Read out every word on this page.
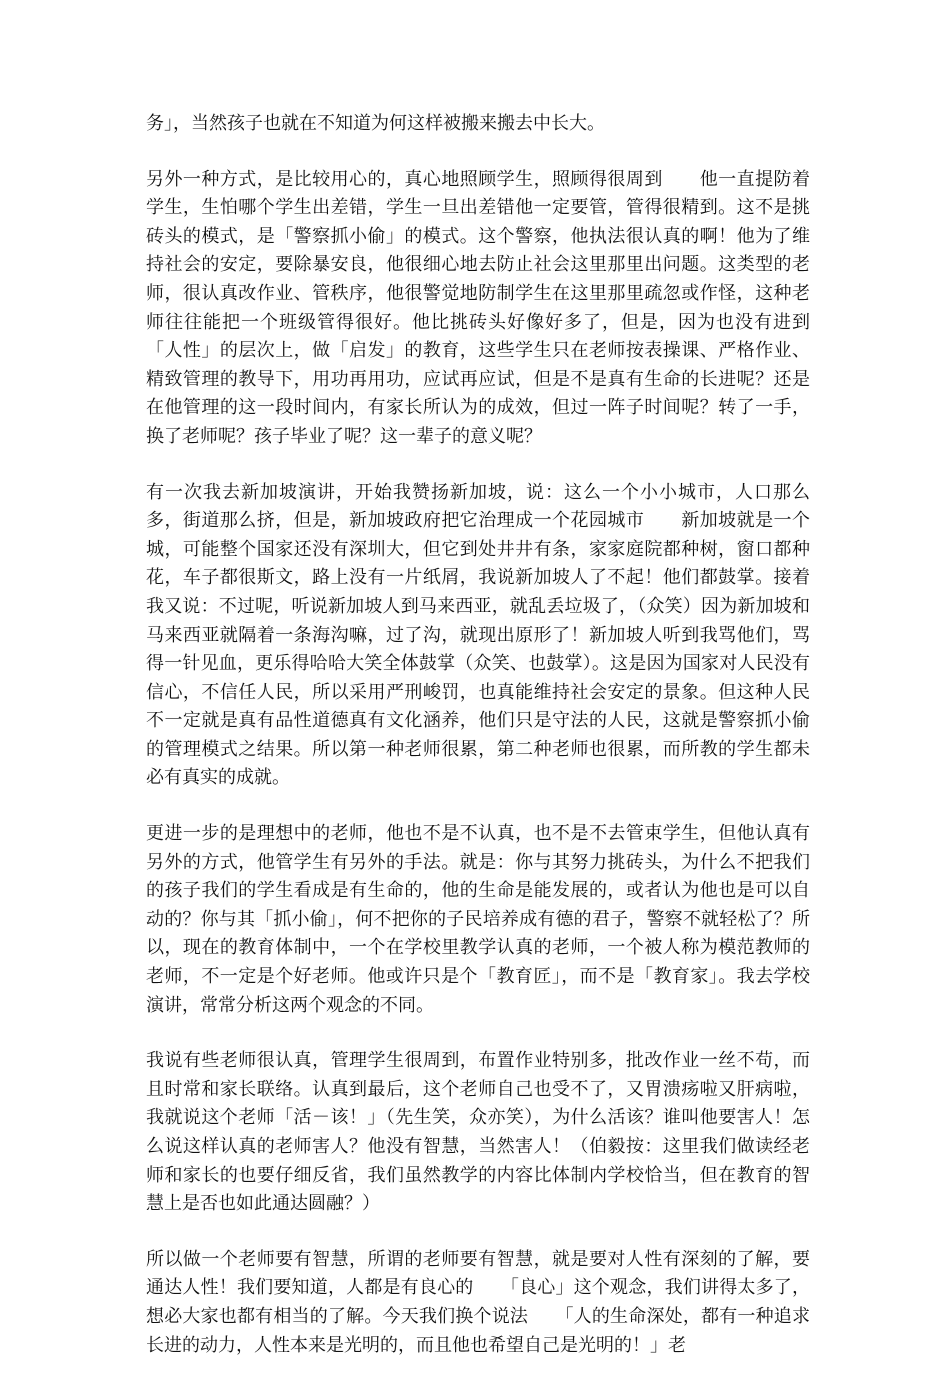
务」，当然孩子也就在不知道为何这样被搬来搬去中长大。

另外一种方式，是比较用心的，真心地照顾学生，照顾得很周到　　他一直提防着学生，生怕哪个学生出差错，学生一旦出差错他一定要管，管得很精到。这不是挑砖头的模式，是「警察抓小偷」的模式。这个警察，他执法很认真的啊！他为了维持社会的安定，要除暴安良，他很细心地去防止社会这里那里出问题。这类型的老师，很认真改作业、管秩序，他很警觉地防制学生在这里那里疏忽或作怪，这种老师往往能把一个班级管得很好。他比挑砖头好像好多了，但是，因为也没有进到「人性」的层次上，做「启发」的教育，这些学生只在老师按表操课、严格作业、精致管理的教导下，用功再用功，应试再应试，但是不是真有生命的长进呢？还是在他管理的这一段时间内，有家长所认为的成效，但过一阵子时间呢？转了一手，换了老师呢？孩子毕业了呢？这一辈子的意义呢？

有一次我去新加坡演讲，开始我赞扬新加坡，说：这么一个小小城市，人口那么多，街道那么挤，但是，新加坡政府把它治理成一个花园城市　　新加坡就是一个城，可能整个国家还没有深圳大，但它到处井井有条，家家庭院都种树，窗口都种花，车子都很斯文，路上没有一片纸屑，我说新加坡人了不起！他们都鼓掌。接着我又说：不过呢，听说新加坡人到马来西亚，就乱丢垃圾了，（众笑）因为新加坡和马来西亚就隔着一条海沟嘛，过了沟，就现出原形了！新加坡人听到我骂他们，骂得一针见血，更乐得哈哈大笑全体鼓掌（众笑、也鼓掌）。这是因为国家对人民没有信心，不信任人民，所以采用严刑峻罚，也真能维持社会安定的景象。但这种人民不一定就是真有品性道德真有文化涵养，他们只是守法的人民，这就是警察抓小偷的管理模式之结果。所以第一种老师很累，第二种老师也很累，而所教的学生都未必有真实的成就。

更进一步的是理想中的老师，他也不是不认真，也不是不去管束学生，但他认真有另外的方式，他管学生有另外的手法。就是：你与其努力挑砖头，为什么不把我们的孩子我们的学生看成是有生命的，他的生命是能发展的，或者认为他也是可以自动的？你与其「抓小偷」，何不把你的子民培养成有德的君子，警察不就轻松了？所以，现在的教育体制中，一个在学校里教学认真的老师，一个被人称为模范教师的老师，不一定是个好老师。他或许只是个「教育匠」，而不是「教育家」。我去学校演讲，常常分析这两个观念的不同。

我说有些老师很认真，管理学生很周到，布置作业特别多，批改作业一丝不苟，而且时常和家长联络。认真到最后，这个老师自己也受不了，又胃溃疡啦又肝病啦，我就说这个老师「活－该！」（先生笑，众亦笑），为什么活该？谁叫他要害人！怎么说这样认真的老师害人？他没有智慧，当然害人！（伯毅按：这里我们做读经老师和家长的也要仔细反省，我们虽然教学的内容比体制内学校恰当，但在教育的智慧上是否也如此通达圆融？）

所以做一个老师要有智慧，所谓的老师要有智慧，就是要对人性有深刻的了解，要通达人性！我们要知道，人都是有良心的　　「良心」这个观念，我们讲得太多了，想必大家也都有相当的了解。今天我们换个说法　　「人的生命深处，都有一种追求长进的动力，人性本来是光明的，而且他也希望自己是光明的！」老
